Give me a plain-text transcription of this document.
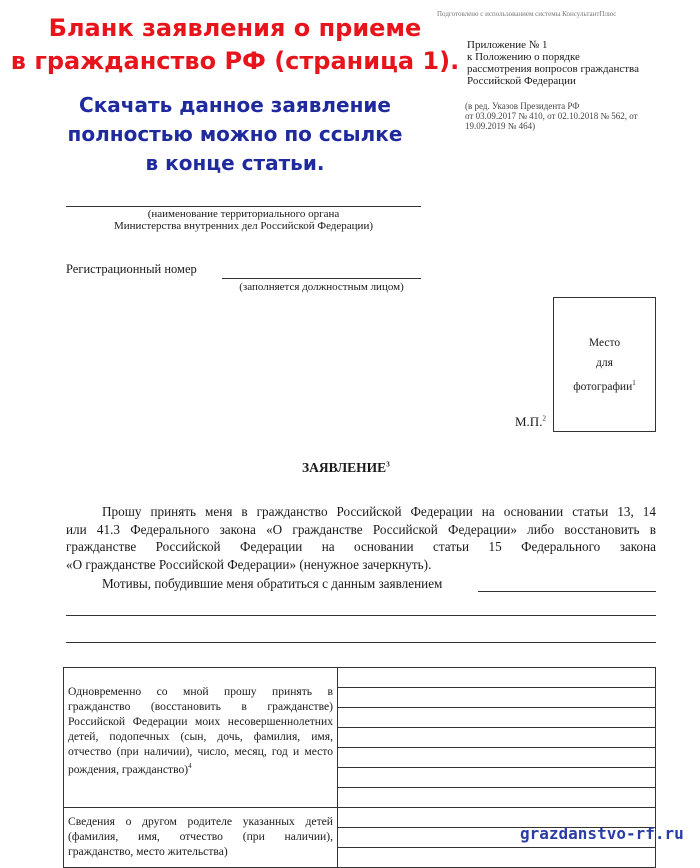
Бланк заявления о приеме
в гражданство РФ (страница 1).
Скачать данное заявление
полностью можно по ссылке
в конце статьи.
Подготовлено с использованием системы КонсультантПлюс
Приложение № 1
к Положению о порядке
рассмотрения вопросов гражданства
Российской Федерации
(в ред. Указов Президента РФ
от 03.09.2017 № 410, от 02.10.2018 № 562, от
19.09.2019 № 464)
(наименование территориального органа
Министерства внутренних дел Российской Федерации)
Регистрационный номер
(заполняется должностным лицом)
Место
для
фотографии$^1$
М.П.$^2$
ЗАЯВЛЕНИЕ$^3$
Прошу принять меня в гражданство Российской Федерации на основании статьи 13, 14
или 41.3 Федерального закона «О гражданстве Российской Федерации» либо восстановить в
гражданстве Российской Федерации на основании статьи 15 Федерального закона
«О гражданстве Российской Федерации» (ненужное зачеркнуть).
Мотивы, побудившие меня обратиться с данным заявлением
Одновременно со мной прошу принять в гражданство (восстановить в гражданстве) Российской Федерации моих несовершеннолетних детей, подопечных (сын, дочь, фамилия, имя, отчество (при наличии), число, месяц, год и место рождения, гражданство)$^4$

Сведения о другом родителе указанных детей (фамилия, имя, отчество (при наличии), гражданство, место жительства)	

grazdanstvo-rf.ru
